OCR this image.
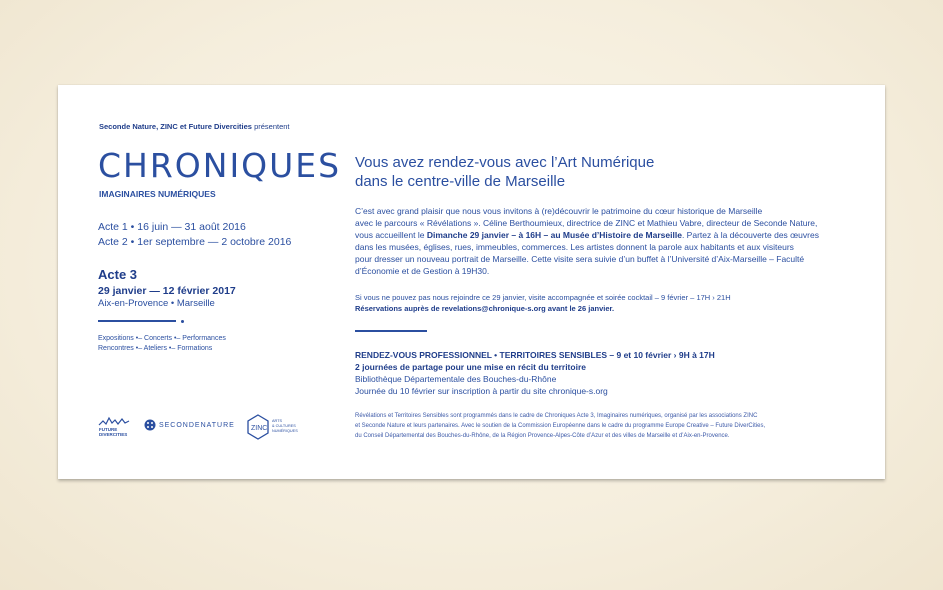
Seconde Nature, ZINC et Future Divercities présentent
CHRONIQUES
IMAGINAIRES NUMÉRIQUES
Acte 1 • 16 juin — 31 août 2016
Acte 2 • 1er septembre — 2 octobre 2016
Acte 3
29 janvier — 12 février 2017
Aix-en-Provence • Marseille
Expositions •– Concerts •– Performances
Rencontres •– Ateliers •– Formations
FUTURE
DIVERCITIES
SECONDENATURE ZINC
ARTS
& CULTURES
NUMÉRIQUES
Vous avez rendez-vous avec l’Art Numérique
dans le centre-ville de Marseille
C’est avec grand plaisir que nous vous invitons à (re)découvrir le patrimoine du cœur historique de Marseille
avec le parcours « Révélations ». Céline Berthoumieux, directrice de ZINC et Mathieu Vabre, directeur de Seconde Nature,
vous accueillent le Dimanche 29 janvier – à 16H – au Musée d’Histoire de Marseille. Partez à la découverte des œuvres
dans les musées, églises, rues, immeubles, commerces. Les artistes donnent la parole aux habitants et aux visiteurs
pour dresser un nouveau portrait de Marseille. Cette visite sera suivie d’un buffet à l’Université d’Aix-Marseille – Faculté
d’Économie et de Gestion à 19H30.
Si vous ne pouvez pas nous rejoindre ce 29 janvier, visite accompagnée et soirée cocktail – 9 février – 17H › 21H
Réservations auprès de revelations@chronique-s.org avant le 26 janvier.
RENDEZ-VOUS PROFESSIONNEL • TERRITOIRES SENSIBLES – 9 et 10 février › 9H à 17H
2 journées de partage pour une mise en récit du territoire
Bibliothèque Départementale des Bouches-du-Rhône
Journée du 10 février sur inscription à partir du site chronique-s.org
Révélations et Territoires Sensibles sont programmés dans le cadre de Chroniques Acte 3, Imaginaires numériques, organisé par les associations ZINC
et Seconde Nature et leurs partenaires. Avec le soutien de la Commission Européenne dans le cadre du programme Europe Creative – Future DiverCities,
du Conseil Départemental des Bouches-du-Rhône, de la Région Provence-Alpes-Côte d’Azur et des villes de Marseille et d’Aix-en-Provence.
